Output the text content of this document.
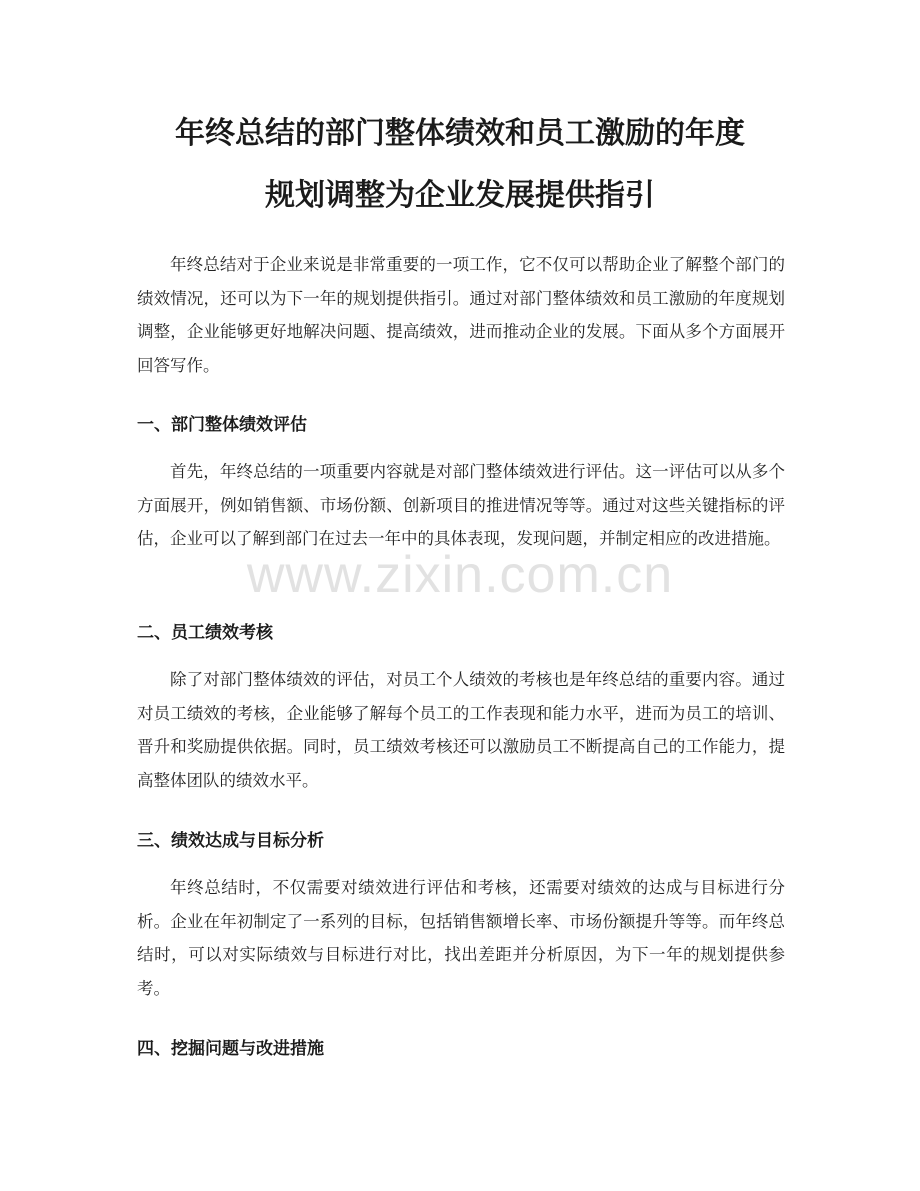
年终总结的部门整体绩效和员工激励的年度
规划调整为企业发展提供指引

年终总结对于企业来说是非常重要的一项工作，它不仅可以帮助企业了解整个部门的绩效情况，还可以为下一年的规划提供指引。通过对部门整体绩效和员工激励的年度规划调整，企业能够更好地解决问题、提高绩效，进而推动企业的发展。下面从多个方面展开回答写作。

一、部门整体绩效评估

首先，年终总结的一项重要内容就是对部门整体绩效进行评估。这一评估可以从多个方面展开，例如销售额、市场份额、创新项目的推进情况等等。通过对这些关键指标的评估，企业可以了解到部门在过去一年中的具体表现，发现问题，并制定相应的改进措施。

二、员工绩效考核

除了对部门整体绩效的评估，对员工个人绩效的考核也是年终总结的重要内容。通过对员工绩效的考核，企业能够了解每个员工的工作表现和能力水平，进而为员工的培训、晋升和奖励提供依据。同时，员工绩效考核还可以激励员工不断提高自己的工作能力，提高整体团队的绩效水平。

三、绩效达成与目标分析

年终总结时，不仅需要对绩效进行评估和考核，还需要对绩效的达成与目标进行分析。企业在年初制定了一系列的目标，包括销售额增长率、市场份额提升等等。而年终总结时，可以对实际绩效与目标进行对比，找出差距并分析原因，为下一年的规划提供参考。

四、挖掘问题与改进措施
www.zixin.com.cn
